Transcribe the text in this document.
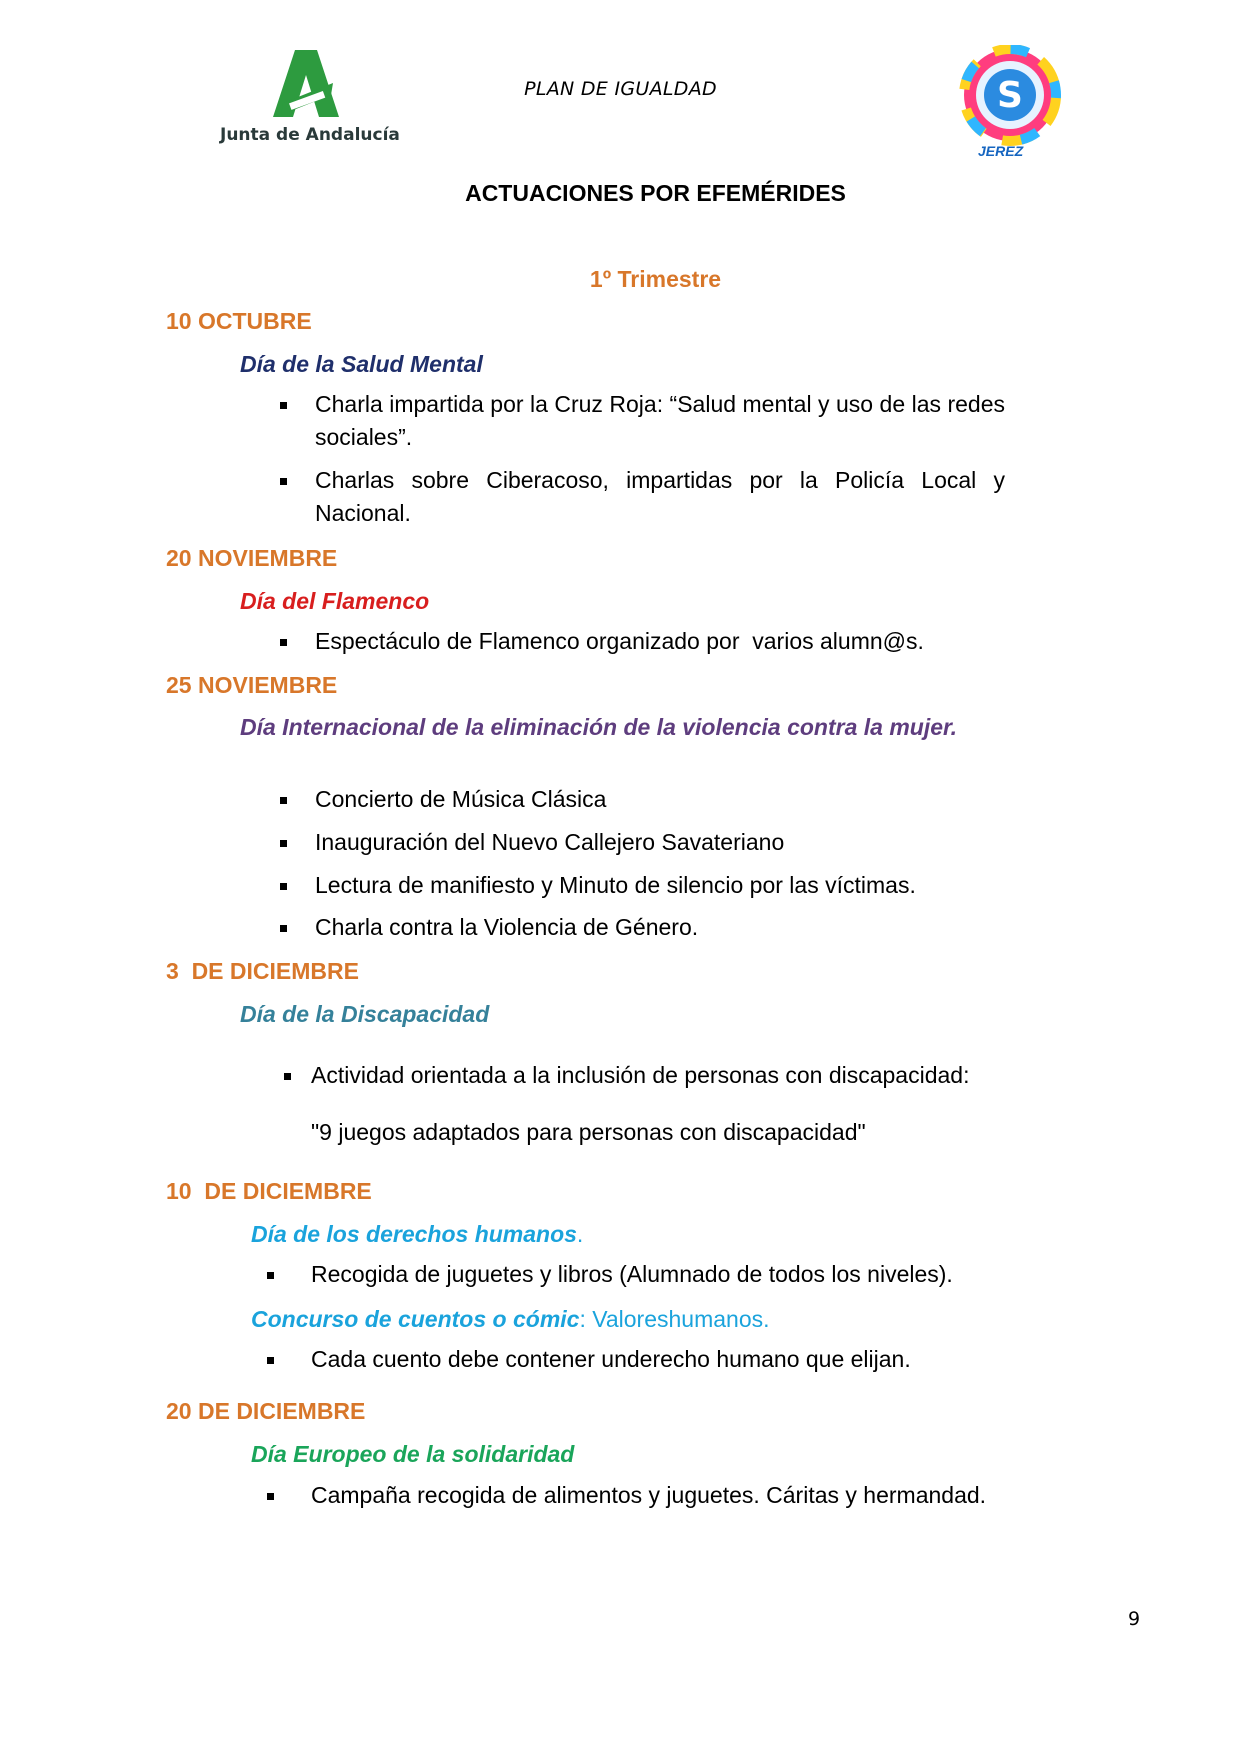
Junta de Andalucía
PLAN DE IGUALDAD	S
JEREZ
ACTUACIONES POR EFEMÉRIDES
1º Trimestre
10 OCTUBRE
Día de la Salud Mental
Charla impartida por la Cruz Roja: “Salud mental y uso de las redes sociales”.
Charlas sobre Ciberacoso, impartidas por la Policía Local y Nacional.
20 NOVIEMBRE
Día del Flamenco
Espectáculo de Flamenco organizado por  varios alumn@s.
25 NOVIEMBRE
Día Internacional de la eliminación de la violencia contra la mujer.
Concierto de Música Clásica
Inauguración del Nuevo Callejero Savateriano
Lectura de manifiesto y Minuto de silencio por las víctimas.
Charla contra la Violencia de Género.
3  DE DICIEMBRE
Día de la Discapacidad
Actividad orientada a la inclusión de personas con discapacidad:
"9 juegos adaptados para personas con discapacidad"
10  DE DICIEMBRE
Día de los derechos humanos.
Recogida de juguetes y libros (Alumnado de todos los niveles).
Concurso de cuentos o cómic: Valoreshumanos.
Cada cuento debe contener underecho humano que elijan.
20 DE DICIEMBRE
Día Europeo de la solidaridad
Campaña recogida de alimentos y juguetes. Cáritas y hermandad.
9
